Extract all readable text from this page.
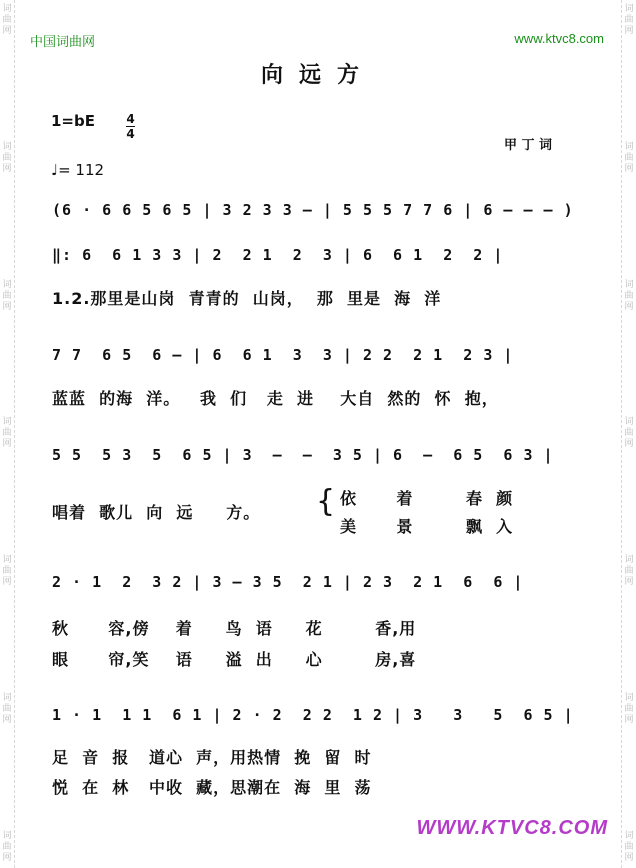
词
曲
网
词
曲
网
词
曲
网
词
曲
网
词
曲
网
词
曲
网
词
曲
网
词
曲
网
词
曲
网
词
曲
网
词
曲
网
词
曲
网
词
曲
网
词
曲
网
中国词曲网	www.ktvc8.com
向远方
1=bE	4
4
甲 丁 词
♩= 112
(6 · 6 6 5 6 5 | 3 2 3 3 — | 5 5 5 7 7 6 | 6 — — — )
‖: 6  6 1 3 3 | 2  2 1  2  3 | 6  6 1  2  2 |
1.2.那里是山岗  青青的  山岗，  那  里是  海  洋
7 7  6 5  6 — | 6  6 1  3  3 | 2 2  2 1  2 3 |
蓝蓝  的海  洋。   我  们   走  进    大自  然的  怀  抱，
5 5  5 3  5  6 5 | 3  —  —  3 5 | 6  —  6 5  6 3 |
唱着  歌儿  向  远     方。	{ 依      着        春  颜
美      景        飘  入
2 · 1  2  3 2 | 3 — 3 5  2 1 | 2 3  2 1  6  6 |
秋      容,傍    着     鸟  语     花        香,用
眼      帘,笑    语     溢  出     心        房,喜
1 · 1  1 1  6 1 | 2 · 2  2 2  1 2 | 3   3   5  6 5 |
足  音  报   道心  声，用热情  挽  留  时
悦  在  林   中收  藏，思潮在  海  里  荡
WWW.KTVC8.COM
